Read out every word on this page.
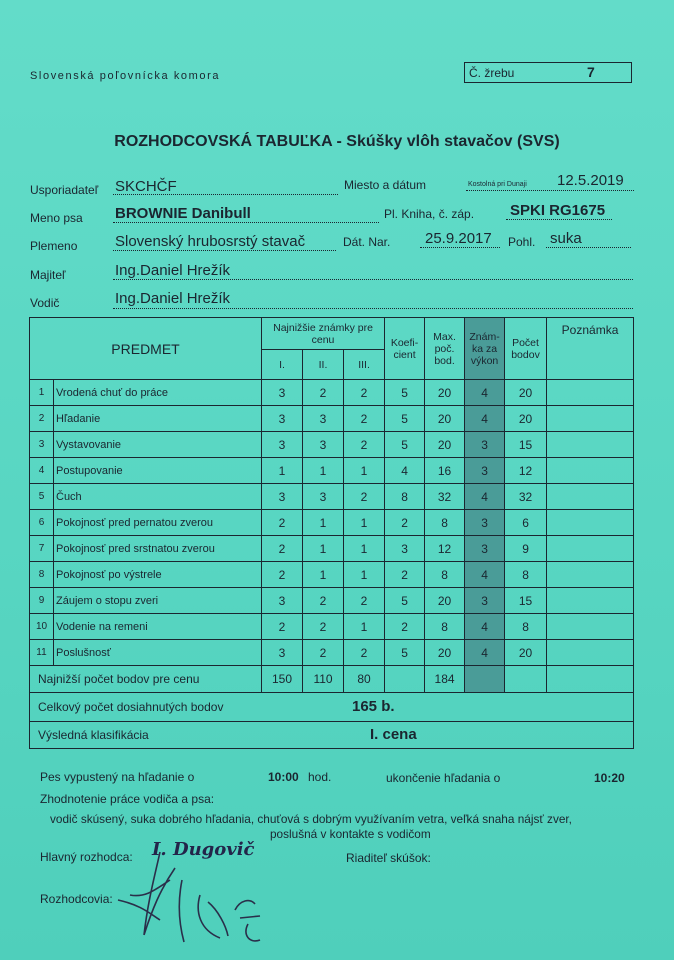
Slovenská poľovnícka komora	Č. žrebu	7
ROZHODCOVSKÁ TABUĽKA - Skúšky vlôh stavačov (SVS)
Usporiadateľ SKCHČF	Miesto a dátum	Kostolná pri Dunaji 12.5.2019
Meno psa BROWNIE Danibull	Pl. Kniha, č. záp. SPKI RG1675
Plemeno	Slovenský hrubosrstý stavač	Dát. Nar. 25.9.2017 Pohl. suka
Majiteľ	Ing.Daniel Hrežík
Vodič	Ing.Daniel Hrežík
PREDMET		Najnižšie známky pre cenu			Koefi-cient	Max. poč. bod.	Znám-ka za výkon	Počet bodov	Poznámka
		I.	II.	III.					
1	Vrodená chuť do práce	3	2	2	5	20	4	20	
2	Hľadanie	3	3	2	5	20	4	20	
3	Vystavovanie	3	3	2	5	20	3	15	
4	Postupovanie	1	1	1	4	16	3	12	
5	Čuch	3	3	2	8	32	4	32	
6	Pokojnosť pred pernatou zverou	2	1	1	2	8	3	6	
7	Pokojnosť pred srstnatou zverou	2	1	1	3	12	3	9	
8	Pokojnosť po výstrele	2	1	1	2	8	4	8	
9	Záujem o stopu zveri	3	2	2	5	20	3	15	
10	Vodenie na remeni	2	2	1	2	8	4	8	
11	Poslušnosť	3	2	2	5	20	4	20	
Najnižší počet bodov pre cenu		150	110	80		184			

Celkový počet dosiahnutých bodov 165 b.									

Výsledná klasifikácia I. cena									
Pes vypustený na hľadanie o	10:00 hod.	ukončenie hľadania o	10:20
Zhodnotenie práce vodiča a psa:
vodič skúsený, suka dobrého hľadania, chuťová s dobrým využívaním vetra, veľká snaha nájsť zver,
poslušná v kontakte s vodičom
Hlavný rozhodca: I. Dugovič	Riaditeľ skúšok:
Rozhodcovia:
